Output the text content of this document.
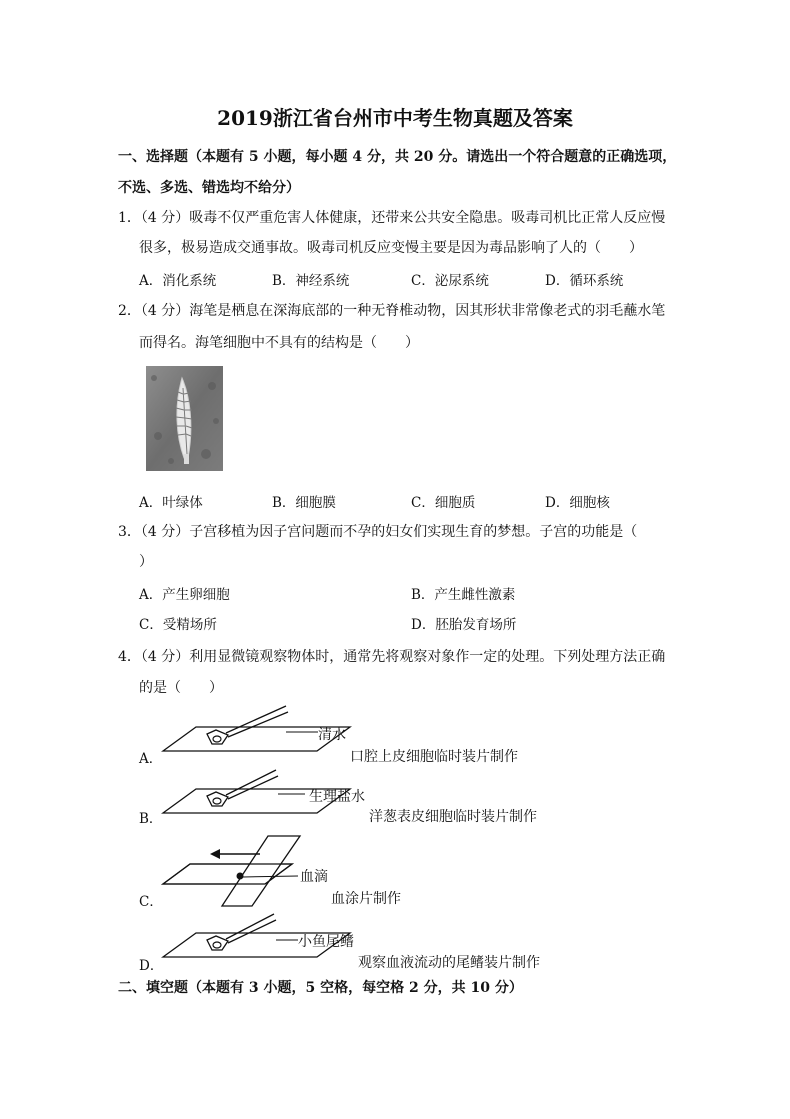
2019浙江省台州市中考生物真题及答案
一、选择题（本题有 5 小题，每小题 4 分，共 20 分。请选出一个符合题意的正确选项，
不选、多选、错选均不给分）
1．（4 分）吸毒不仅严重危害人体健康，还带来公共安全隐患。吸毒司机比正常人反应慢
很多，极易造成交通事故。吸毒司机反应变慢主要是因为毒品影响了人的（　　）
A．消化系统	B．神经系统	C．泌尿系统	D．循环系统
2．（4 分）海笔是栖息在深海底部的一种无脊椎动物，因其形状非常像老式的羽毛蘸水笔
而得名。海笔细胞中不具有的结构是（　　）
A．叶绿体	B．细胞膜	C．细胞质	D．细胞核
3．（4 分）子宫移植为因子宫问题而不孕的妇女们实现生育的梦想。子宫的功能是（
）
A．产生卵细胞	B．产生雌性激素
C．受精场所	D．胚胎发育场所
4．（4 分）利用显微镜观察物体时，通常先将观察对象作一定的处理。下列处理方法正确
的是（　　）
A．
清水
口腔上皮细胞临时装片制作
B．
生理盐水
洋葱表皮细胞临时装片制作
C．
血滴
血涂片制作
D．
小鱼尾鳍
观察血液流动的尾鳍装片制作
二、填空题（本题有 3 小题，5 空格，每空格 2 分，共 10 分）
